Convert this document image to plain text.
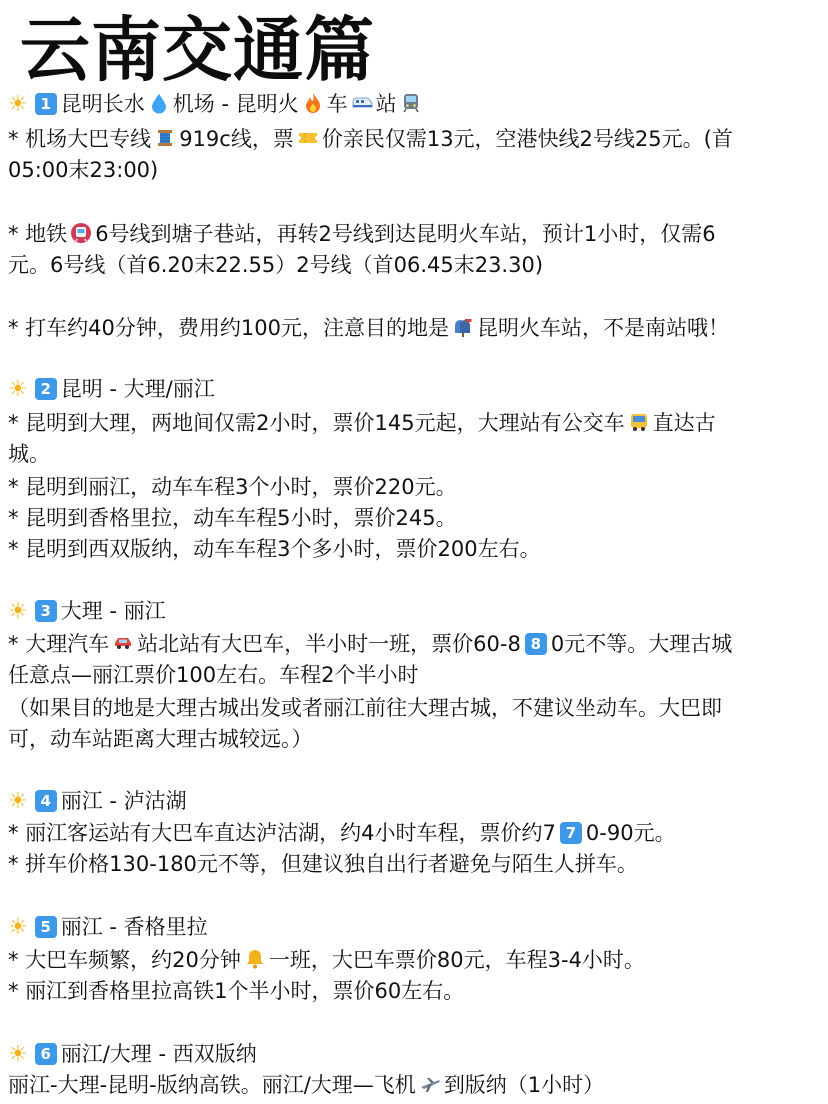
云南交通篇
☀ 1 昆明长水 机场 - 昆明火 车 站
* 机场大巴专线 919c线，票 价亲民仅需13元，空港快线2号线25元。(首
05:00末23:00)
* 地铁 6号线到塘子巷站，再转2号线到达昆明火车站，预计1小时，仅需6
元。6号线（首6.20末22.55）2号线（首06.45末23.30)
* 打车约40分钟，费用约100元，注意目的地是 昆明火车站，不是南站哦！
☀ 2 昆明 - 大理/丽江
* 昆明到大理，两地间仅需2小时，票价145元起，大理站有公交车 直达古
城。
* 昆明到丽江，动车车程3个小时，票价220元。
* 昆明到香格里拉，动车车程5小时，票价245。
* 昆明到西双版纳，动车车程3个多小时，票价200左右。
☀ 3 大理 - 丽江
* 大理汽车 站北站有大巴车，半小时一班，票价60-8 8 0元不等。大理古城
任意点—丽江票价100左右。车程2个半小时
（如果目的地是大理古城出发或者丽江前往大理古城，不建议坐动车。大巴即
可，动车站距离大理古城较远。）
☀ 4 丽江 - 泸沽湖
* 丽江客运站有大巴车直达泸沽湖，约4小时车程，票价约7 7 0-90元。
* 拼车价格130-180元不等，但建议独自出行者避免与陌生人拼车。
☀ 5 丽江 - 香格里拉
* 大巴车频繁，约20分钟 一班，大巴车票价80元，车程3-4小时。
* 丽江到香格里拉高铁1个半小时，票价60左右。
☀ 6 丽江/大理 - 西双版纳
丽江-大理-昆明-版纳高铁。丽江/大理—飞机 到版纳（1小时）
